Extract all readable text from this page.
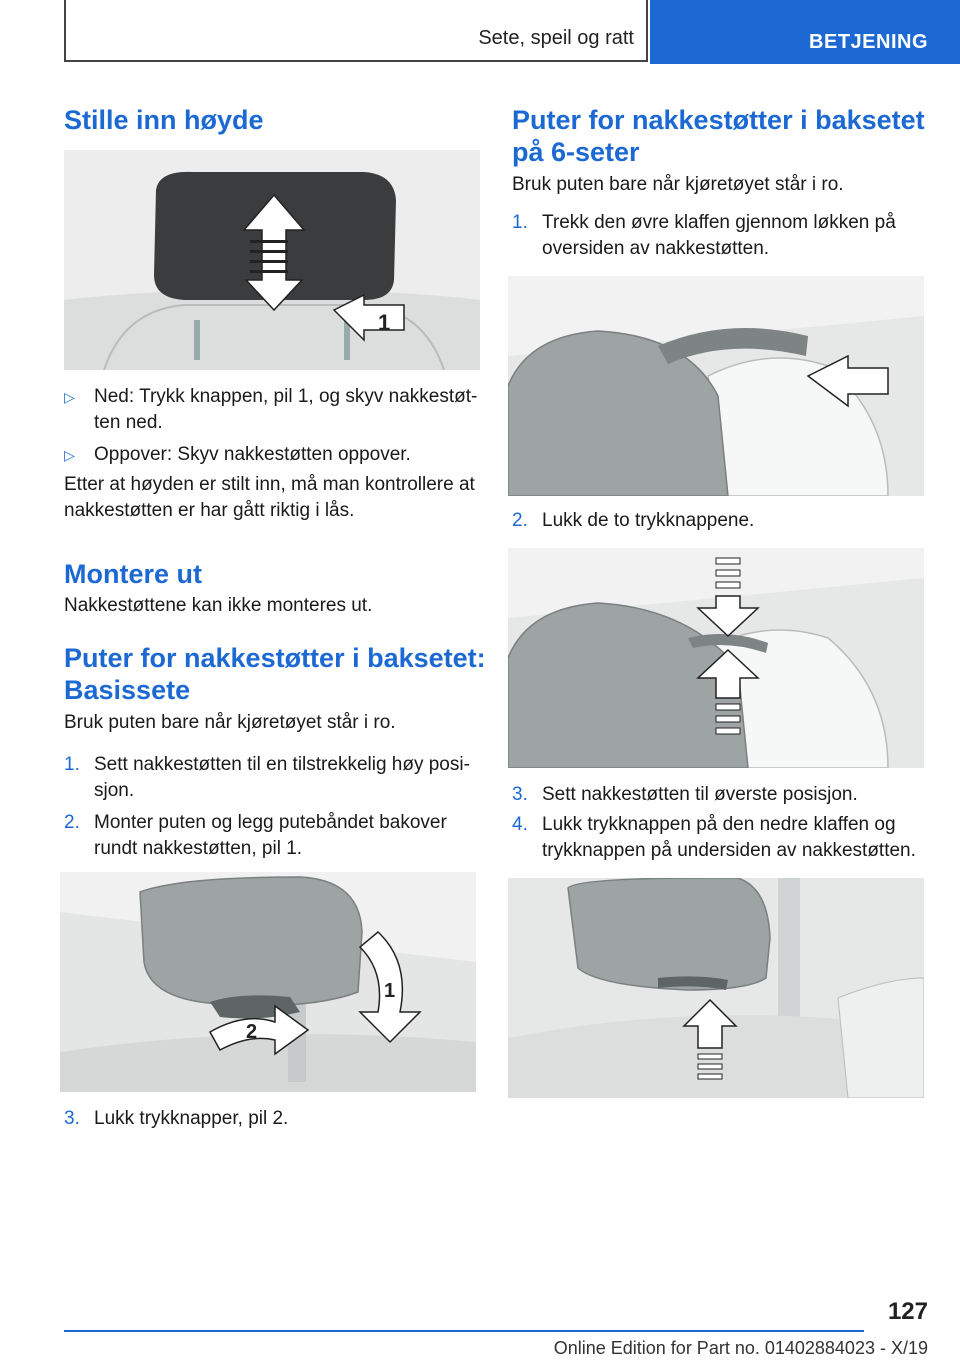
Sete, speil og ratt	BETJENING
Stille inn høyde
1
▷ Ned: Trykk knappen, pil 1, og skyv nakkestøtten ned.
▷ Oppover: Skyv nakkestøtten oppover.

Etter at høyden er stilt inn, må man kontrollere at nakkestøtten er har gått riktig i lås.

Montere ut

Nakkestøttene kan ikke monteres ut.

Puter for nakkestøtter i baksetet: Basissete

Bruk puten bare når kjøretøyet står i ro.

1. Sett nakkestøtten til en tilstrekkelig høy posisjon.
2. Monter puten og legg putebåndet bakover rundt nakkestøtten, pil 1.
1
2
3. Lukk trykknapper, pil 2.
Puter for nakkestøtter i baksetet på 6-seter

Bruk puten bare når kjøretøyet står i ro.

1. Trekk den øvre klaffen gjennom løkken på oversiden av nakkestøtten.
2. Lukk de to trykknappene.
3. Sett nakkestøtten til øverste posisjon.
4. Lukk trykknappen på den nedre klaffen og trykknappen på undersiden av nakkestøtten.
127
Online Edition for Part no. 01402884023 - X/19
